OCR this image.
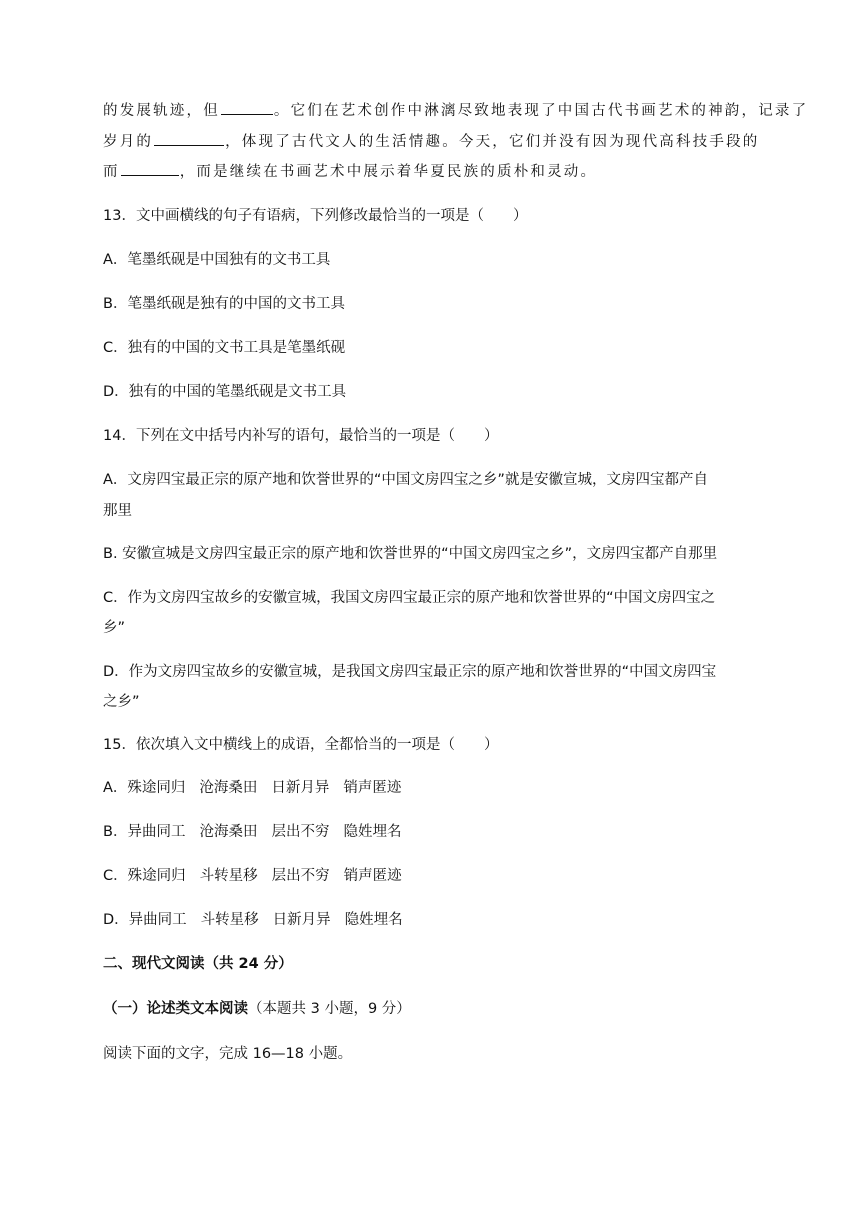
的发展轨迹，但	。它们在艺术创作中淋漓尽致地表现了中国古代书画艺术的神韵，记录了
岁月的	，体现了古代文人的生活情趣。今天，它们并没有因为现代高科技手段的
而	，而是继续在书画艺术中展示着华夏民族的质朴和灵动。
13．文中画横线的句子有语病，下列修改最恰当的一项是（　　）
A．笔墨纸砚是中国独有的文书工具
B．笔墨纸砚是独有的中国的文书工具
C．独有的中国的文书工具是笔墨纸砚
D．独有的中国的笔墨纸砚是文书工具
14．下列在文中括号内补写的语句，最恰当的一项是（　　）
A．文房四宝最正宗的原产地和饮誉世界的“中国文房四宝之乡”就是安徽宣城，文房四宝都产自
那里
B. 安徽宣城是文房四宝最正宗的原产地和饮誉世界的“中国文房四宝之乡”，文房四宝都产自那里
C．作为文房四宝故乡的安徽宣城，我国文房四宝最正宗的原产地和饮誉世界的“中国文房四宝之
乡”
D．作为文房四宝故乡的安徽宣城，是我国文房四宝最正宗的原产地和饮誉世界的“中国文房四宝
之乡”
15．依次填入文中横线上的成语，全都恰当的一项是（　　）
A．殊途同归 沧海桑田 日新月异 销声匿迹
B．异曲同工 沧海桑田 层出不穷 隐姓埋名
C．殊途同归 斗转星移 层出不穷 销声匿迹
D．异曲同工 斗转星移 日新月异 隐姓埋名
二、现代文阅读（共 24 分）
（一）论述类文本阅读（本题共 3 小题，9 分）
阅读下面的文字，完成 16—18 小题。
